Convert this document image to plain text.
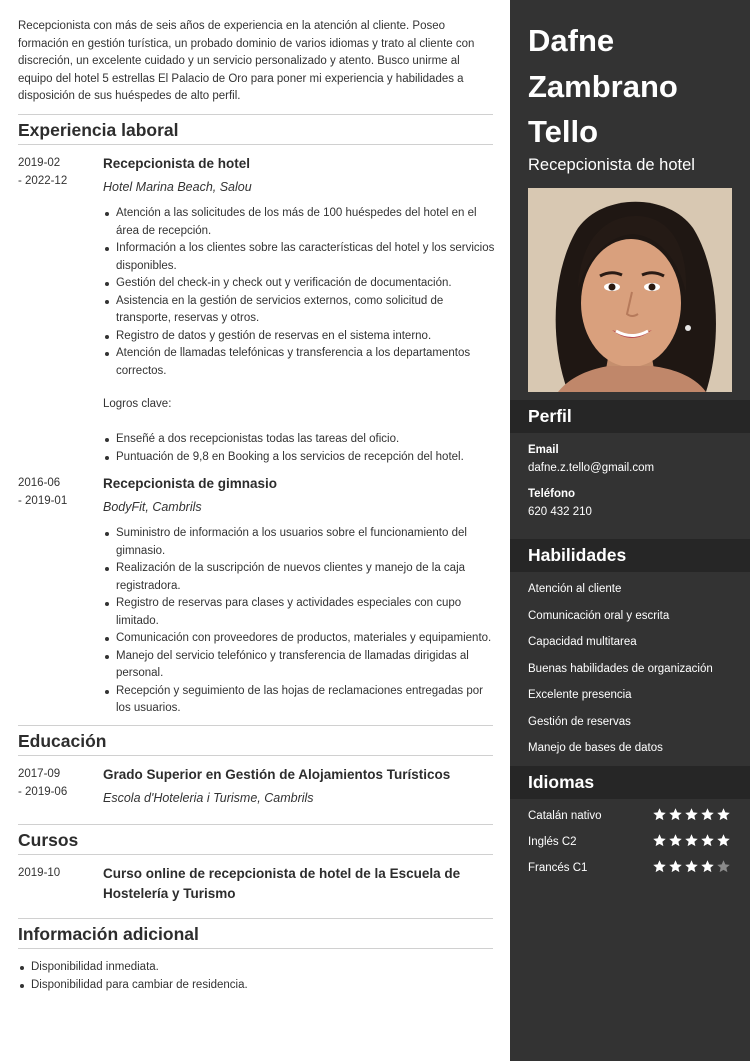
Recepcionista con más de seis años de experiencia en la atención al cliente. Poseo formación en gestión turística, un probado dominio de varios idiomas y trato al cliente con discreción, un excelente cuidado y un servicio personalizado y atento. Busco unirme al equipo del hotel 5 estrellas El Palacio de Oro para poner mi experiencia y habilidades a disposición de sus huéspedes de alto perfil.

Experiencia laboral
2019-02
- 2022-12
Recepcionista de hotel
Hotel Marina Beach, Salou
Atención a las solicitudes de los más de 100 huéspedes del hotel en el área de recepción.
Información a los clientes sobre las características del hotel y los servicios disponibles.
Gestión del check-in y check out y verificación de documentación.
Asistencia en la gestión de servicios externos, como solicitud de transporte, reservas y otros.
Registro de datos y gestión de reservas en el sistema interno.
Atención de llamadas telefónicas y transferencia a los departamentos correctos.
Logros clave:
Enseñé a dos recepcionistas todas las tareas del oficio.
Puntuación de 9,8 en Booking a los servicios de recepción del hotel.
2016-06
- 2019-01
Recepcionista de gimnasio
BodyFit, Cambrils
Suministro de información a los usuarios sobre el funcionamiento del gimnasio.
Realización de la suscripción de nuevos clientes y manejo de la caja registradora.
Registro de reservas para clases y actividades especiales con cupo limitado.
Comunicación con proveedores de productos, materiales y equipamiento.
Manejo del servicio telefónico y transferencia de llamadas dirigidas al personal.
Recepción y seguimiento de las hojas de reclamaciones entregadas por los usuarios.
Educación
2017-09
- 2019-06
Grado Superior en Gestión de Alojamientos Turísticos
Escola d'Hoteleria i Turisme, Cambrils
Cursos
2019-10	Curso online de recepcionista de hotel de la Escuela de Hostelería y Turismo
Información adicional
Disponibilidad inmediata.
Disponibilidad para cambiar de residencia.
Dafne
Zambrano
Tello
Recepcionista de hotel
Perfil
Email
dafne.z.tello@gmail.com
Teléfono
620 432 210
Habilidades
Atención al cliente
Comunicación oral y escrita
Capacidad multitarea
Buenas habilidades de organización
Excelente presencia
Gestión de reservas
Manejo de bases de datos
Idiomas
Catalán nativo
Inglés C2
Francés C1
